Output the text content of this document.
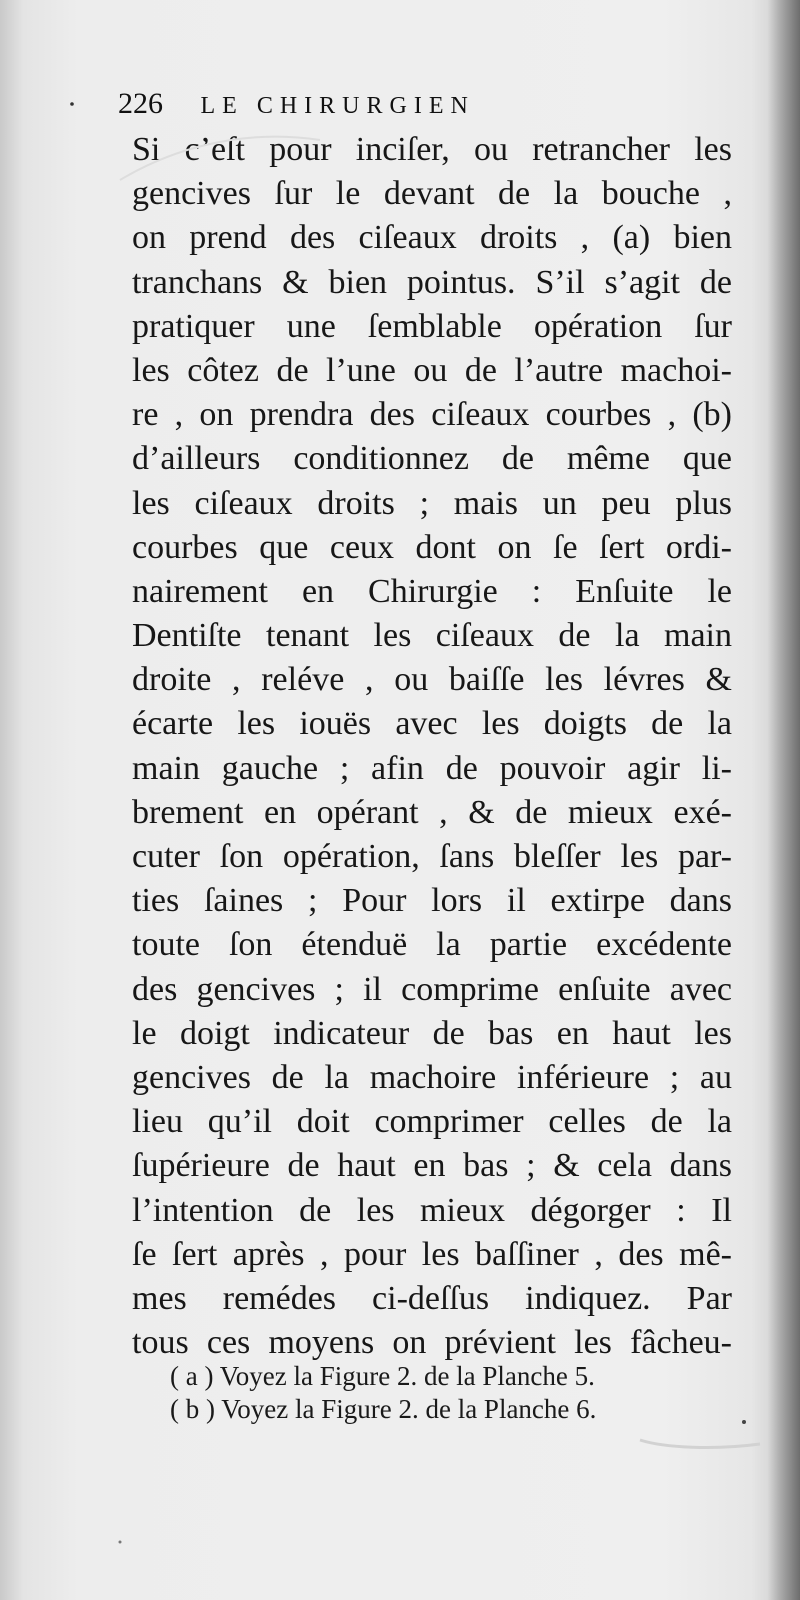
226 LE CHIRURGIEN
Si c’eſt pour inciſer, ou retrancher les
gencives ſur le devant de la bouche ,
on prend des ciſeaux droits , (a) bien
tranchans & bien pointus. S’il s’agit de
pratiquer une ſemblable opération ſur
les côtez de l’une ou de l’autre machoi-
re , on prendra des ciſeaux courbes , (b)
d’ailleurs conditionnez de même que
les ciſeaux droits ; mais un peu plus
courbes que ceux dont on ſe ſert ordi-
nairement en Chirurgie : Enſuite le
Dentiſte tenant les ciſeaux de la main
droite , reléve , ou baiſſe les lévres &
écarte les iouës avec les doigts de la
main gauche ; afin de pouvoir agir li-
brement en opérant , & de mieux exé-
cuter ſon opération, ſans bleſſer les par-
ties ſaines ; Pour lors il extirpe dans
toute ſon étenduë la partie excédente
des gencives ; il comprime enſuite avec
le doigt indicateur de bas en haut les
gencives de la machoire inférieure ; au
lieu qu’il doit comprimer celles de la
ſupérieure de haut en bas ; & cela dans
l’intention de les mieux dégorger : Il
ſe ſert après , pour les baſſiner , des mê-
mes remédes ci-deſſus indiquez. Par
tous ces moyens on prévient les fâcheu-
( a ) Voyez la Figure 2. de la Planche 5.
( b ) Voyez la Figure 2. de la Planche 6.
